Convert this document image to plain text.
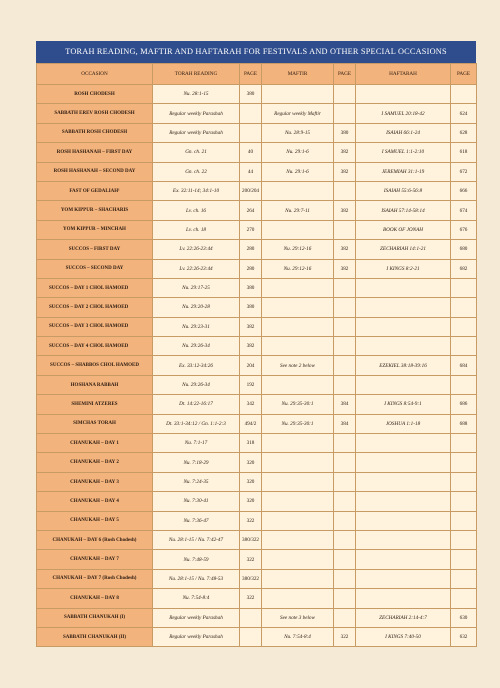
TORAH READING, MAFTIR AND HAFTARAH FOR FESTIVALS AND OTHER SPECIAL OCCASIONS
OCCASION	TORAH READING	PAGE	MAFTIR	PAGE	HAFTARAH	PAGE
ROSH CHODESH	Nu. 28:1-15	380				
SABBATH EREV ROSH CHODESH	Regular weekly Parashah		Regular weekly Maftir		I SAMUEL 20:18-42	624
SABBATH ROSH CHODESH	Regular weekly Parashah		Nu. 28:9-15	380	ISAIAH 66:1-24	628
ROSH HASHANAH – FIRST DAY	Gn. ch. 21	40	Nu. 29:1-6	382	I SAMUEL 1:1-2:10	618
ROSH HASHANAH – SECOND DAY	Gn. ch. 22	44	Nu. 29:1-6	382	JEREMIAH 31:1-19	672
FAST OF GEDALIAH¹	Ex. 32:11-14; 34:1-10	200/204			ISAIAH 55:6-56:8	666
YOM KIPPUR – SHACHARIS	Lv. ch. 16	264	Nu. 29:7-11	382	ISAIAH 57:14-58:14	674
YOM KIPPUR – MINCHAH	Lv. ch. 18	270			BOOK OF JONAH	676
SUCCOS – FIRST DAY	Lv. 22:26-23:44	280	Nu. 29:12-16	382	ZECHARIAH 14:1-21	680
SUCCOS – SECOND DAY	Lv. 22:26-23:44	280	Nu. 29:12-16	382	I KINGS 8:2-21	682
SUCCOS – DAY 1 CHOL HAMOED	Nu. 29:17-25	380				
SUCCOS – DAY 2 CHOL HAMOED	Nu. 29:20-28	380				
SUCCOS – DAY 3 CHOL HAMOED	Nu. 29:23-31	382				
SUCCOS – DAY 4 CHOL HAMOED	Nu. 29:26-34	382				
SUCCOS – SHABBOS CHOL HAMOED	Ex. 33:12-34:26	204	See note 2 below		EZEKIEL 38:18-39:16	684
HOSHANA RABBAH	Nu. 29:26-34	192				
SHEMINI ATZERES	Dt. 14:22-16:17	342	Nu. 29:35-30:1	384	I KINGS 8:54-9:1	686
SIMCHAS TORAH	Dt. 33:1-34:12 / Gn. 1:1-2:3	494/2	Nu. 29:35-30:1	384	JOSHUA 1:1-18	688
CHANUKAH – DAY 1	Nu. 7:1-17	318				
CHANUKAH – DAY 2	Nu. 7:18-29	320				
CHANUKAH – DAY 3	Nu. 7:24-35	320				
CHANUKAH – DAY 4	Nu. 7:30-41	320				
CHANUKAH – DAY 5	Nu. 7:36-47	322				
CHANUKAH – DAY 6 (Rosh Chodesh)	Nu. 28:1-15 / Nu. 7:42-47	380/322				
CHANUKAH – DAY 7	Nu. 7:48-59	322				
CHANUKAH – DAY 7 (Rosh Chodesh)	Nu. 28:1-15 / Nu. 7:48-53	380/322				
CHANUKAH – DAY 8	Nu. 7:54-8:4	322				
SABBATH CHANUKAH (I)	Regular weekly Parashah		See note 3 below		ZECHARIAH 2:14-4:7	630
SABBATH CHANUKAH (II)	Regular weekly Parashah		Nu. 7:54-8:4	322	I KINGS 7:40-50	632
